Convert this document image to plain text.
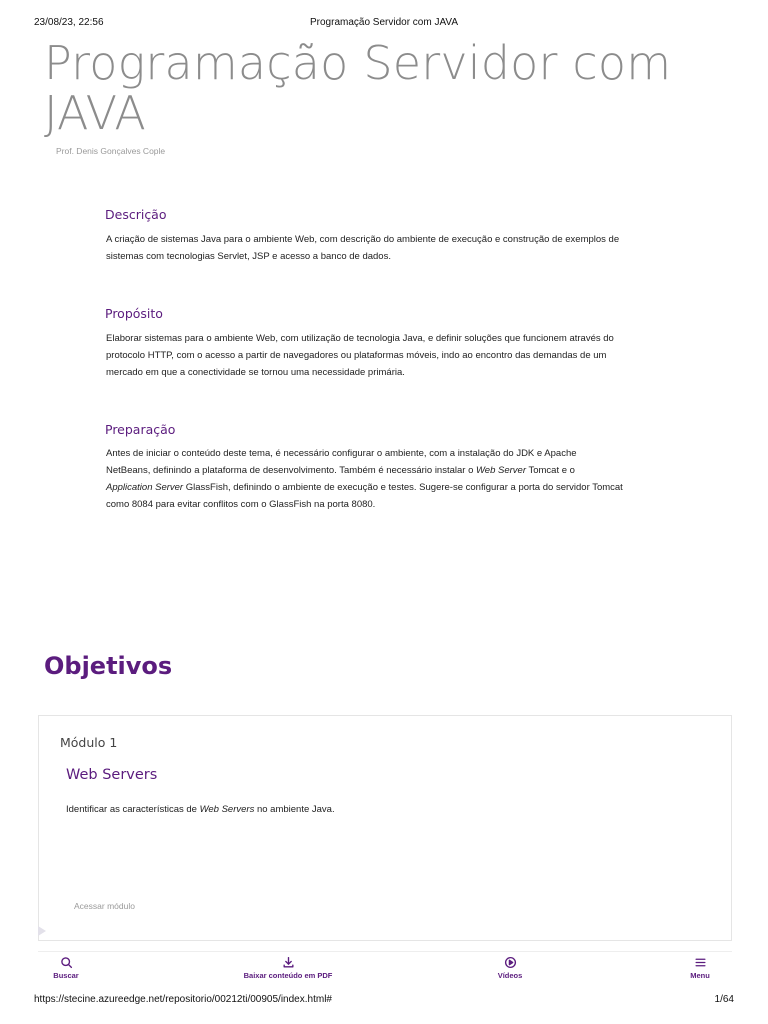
23/08/23, 22:56	Programação Servidor com JAVA
Programação Servidor com
JAVA
Prof. Denis Gonçalves Cople
Descrição
A criação de sistemas Java para o ambiente Web, com descrição do ambiente de execução e construção de exemplos de
sistemas com tecnologias Servlet, JSP e acesso a banco de dados.
Propósito
Elaborar sistemas para o ambiente Web, com utilização de tecnologia Java, e definir soluções que funcionem através do
protocolo HTTP, com o acesso a partir de navegadores ou plataformas móveis, indo ao encontro das demandas de um
mercado em que a conectividade se tornou uma necessidade primária.
Preparação
Antes de iniciar o conteúdo deste tema, é necessário configurar o ambiente, com a instalação do JDK e Apache
NetBeans, definindo a plataforma de desenvolvimento. Também é necessário instalar o Web Server Tomcat e o
Application Server GlassFish, definindo o ambiente de execução e testes. Sugere-se configurar a porta do servidor Tomcat
como 8084 para evitar conflitos com o GlassFish na porta 8080.
Objetivos
Módulo 1
Web Servers
Identificar as características de Web Servers no ambiente Java.
Acessar módulo
Buscar	Baixar conteúdo em PDF	Vídeos	Menu
https://stecine.azureedge.net/repositorio/00212ti/00905/index.html#	1/64
